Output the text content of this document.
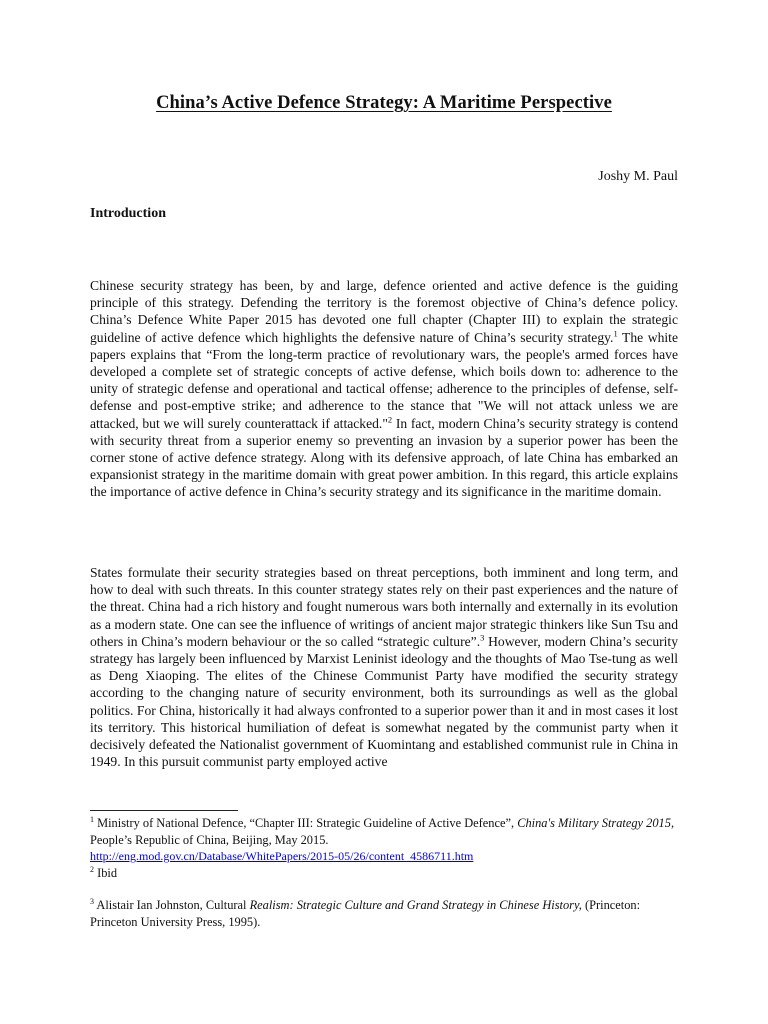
China’s Active Defence Strategy: A Maritime Perspective
Joshy M. Paul
Introduction

Chinese security strategy has been, by and large, defence oriented and active defence is the guiding principle of this strategy. Defending the territory is the foremost objective of China’s defence policy. China’s Defence White Paper 2015 has devoted one full chapter (Chapter III) to explain the strategic guideline of active defence which highlights the defensive nature of China’s security strategy.$^1$ The white papers explains that “From the long-term practice of revolutionary wars, the people's armed forces have developed a complete set of strategic concepts of active defense, which boils down to: adherence to the unity of strategic defense and operational and tactical offense; adherence to the principles of defense, self-defense and post-emptive strike; and adherence to the stance that "We will not attack unless we are attacked, but we will surely counterattack if attacked."$^2$ In fact, modern China’s security strategy is contend with security threat from a superior enemy so preventing an invasion by a superior power has been the corner stone of active defence strategy. Along with its defensive approach, of late China has embarked an expansionist strategy in the maritime domain with great power ambition. In this regard, this article explains the importance of active defence in China’s security strategy and its significance in the maritime domain.

States formulate their security strategies based on threat perceptions, both imminent and long term, and how to deal with such threats. In this counter strategy states rely on their past experiences and the nature of the threat. China had a rich history and fought numerous wars both internally and externally in its evolution as a modern state. One can see the influence of writings of ancient major strategic thinkers like Sun Tsu and others in China’s modern behaviour or the so called “strategic culture”.$^3$ However, modern China’s security strategy has largely been influenced by Marxist Leninist ideology and the thoughts of Mao Tse-tung as well as Deng Xiaoping. The elites of the Chinese Communist Party have modified the security strategy according to the changing nature of security environment, both its surroundings as well as the global politics. For China, historically it had always confronted to a superior power than it and in most cases it lost its territory. This historical humiliation of defeat is somewhat negated by the communist party when it decisively defeated the Nationalist government of Kuomintang and established communist rule in China in 1949. In this pursuit communist party employed active

$^1$ Ministry of National Defence, “Chapter III: Strategic Guideline of Active Defence”, China's Military Strategy 2015, People’s Republic of China, Beijing, May 2015.
http://eng.mod.gov.cn/Database/WhitePapers/2015-05/26/content_4586711.htm

$^2$ Ibid

$^3$ Alistair Ian Johnston, Cultural Realism: Strategic Culture and Grand Strategy in Chinese History, (Princeton: Princeton University Press, 1995).
